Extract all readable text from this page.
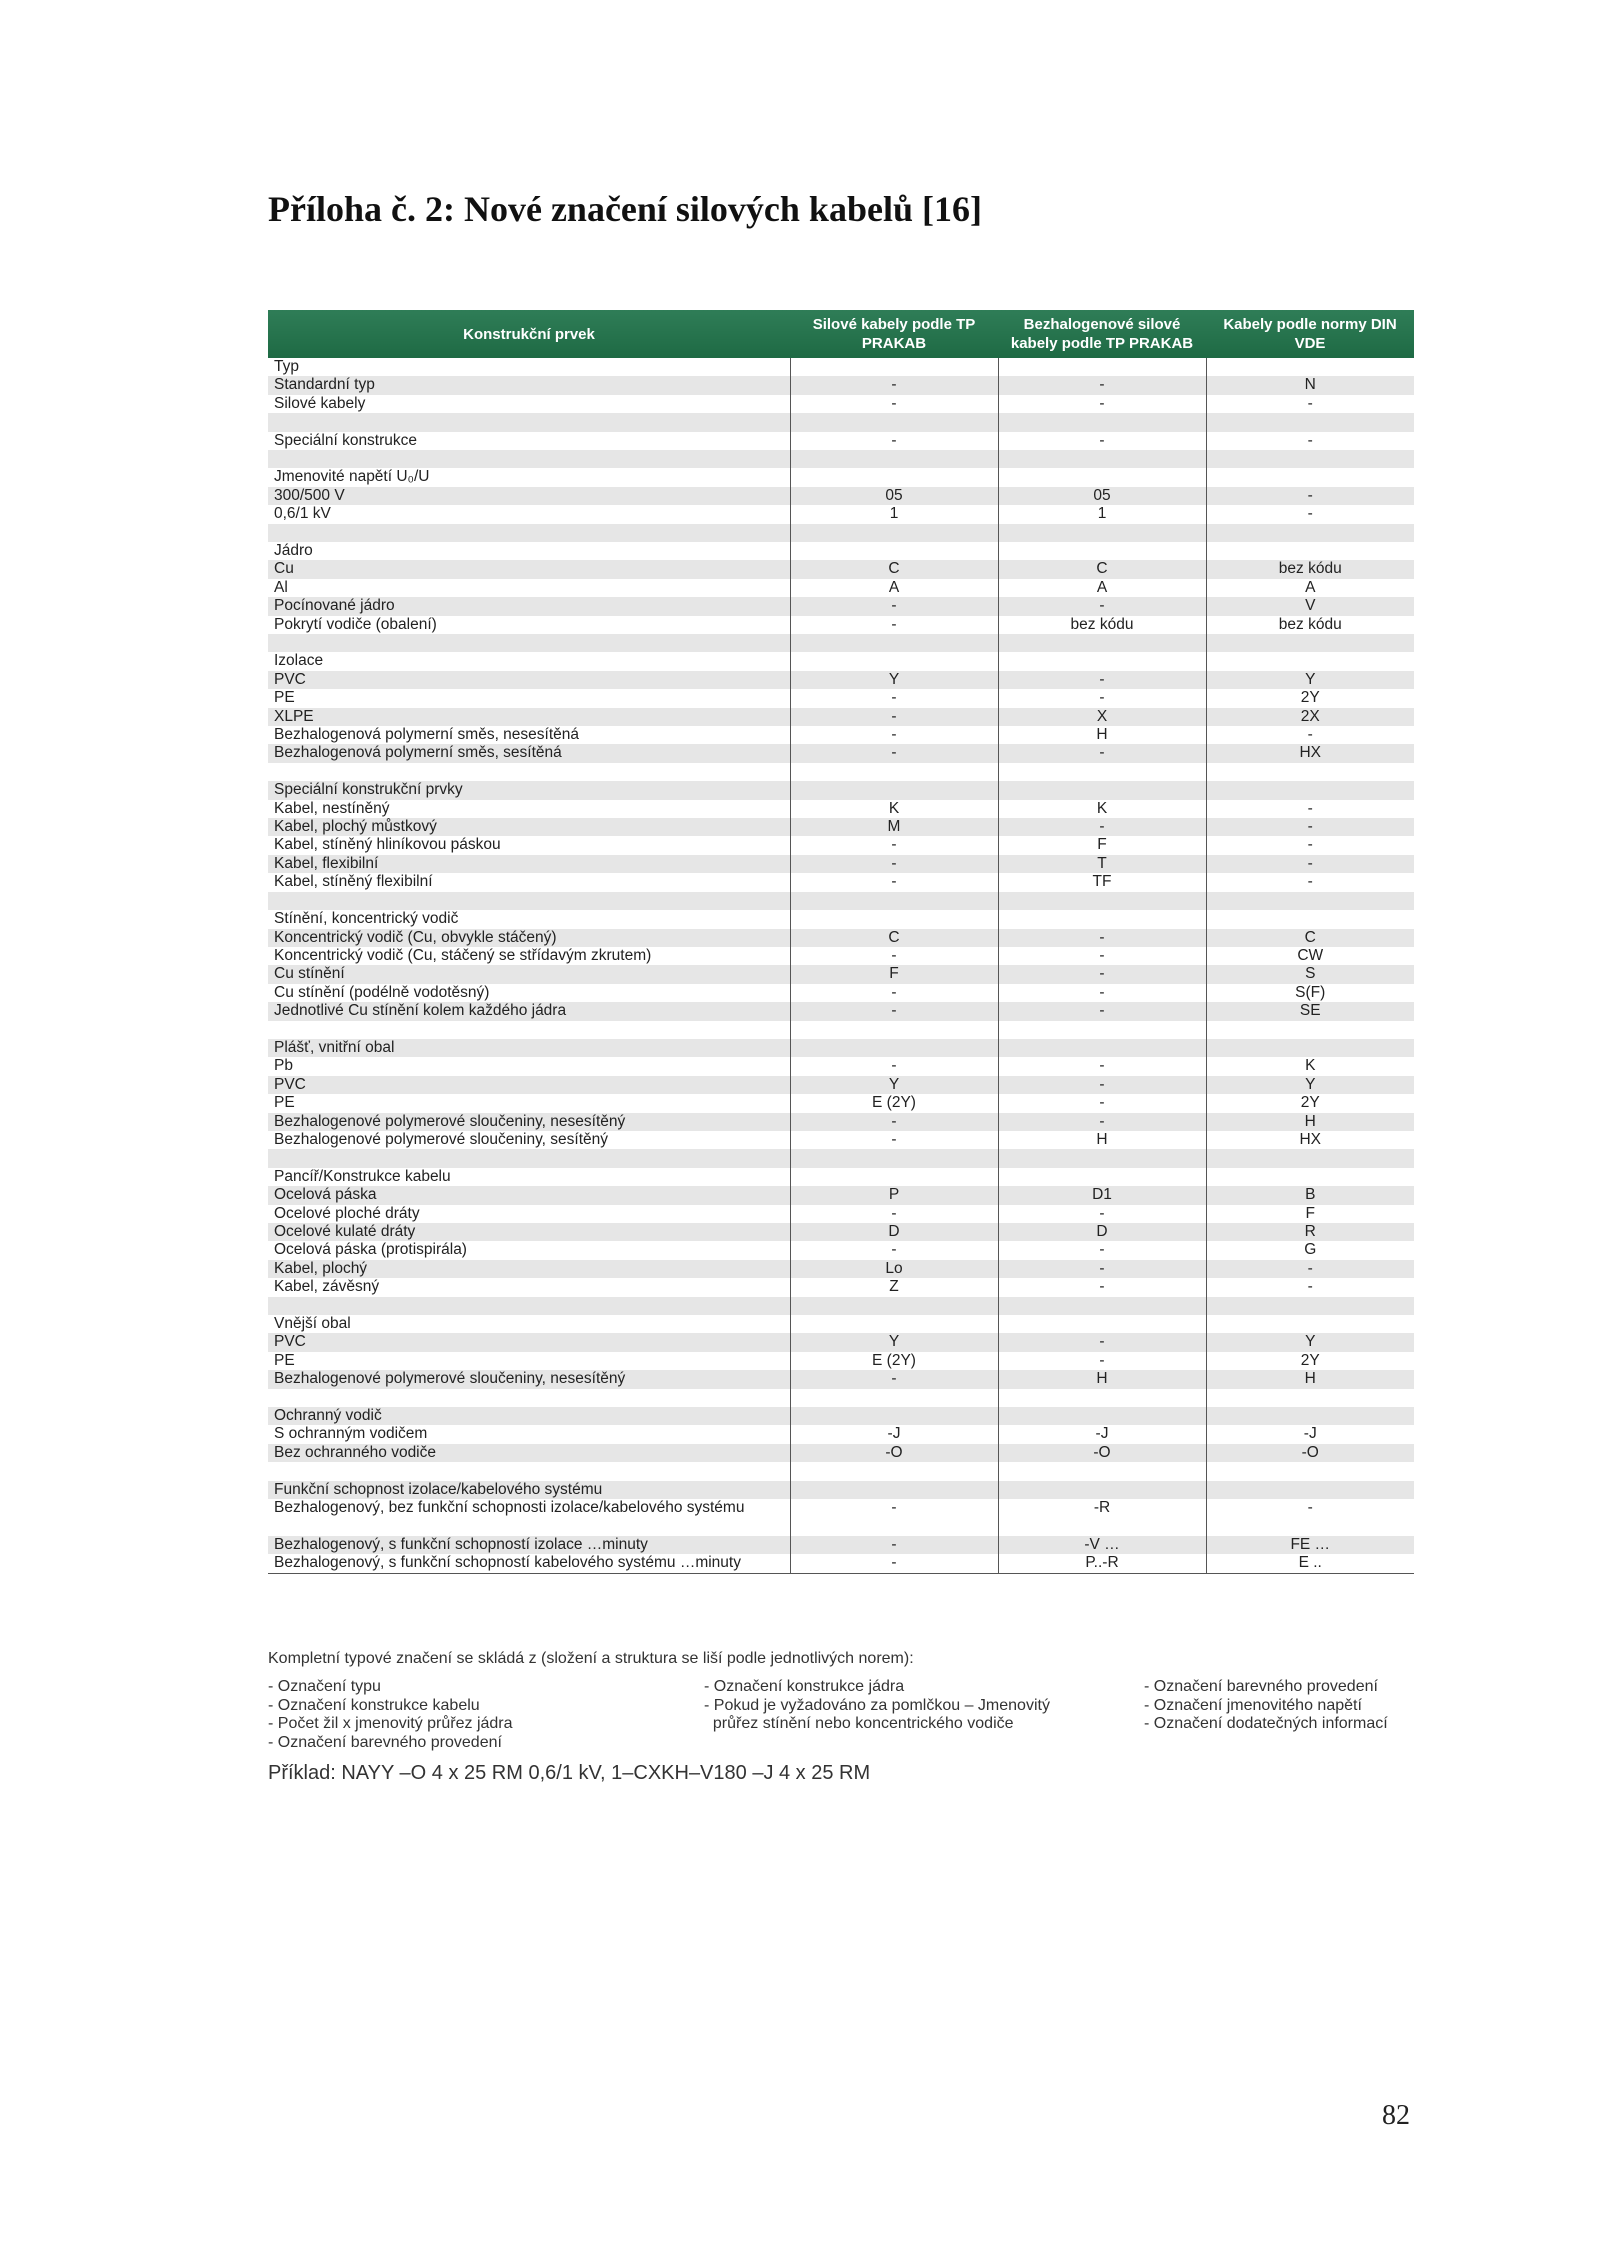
Příloha č. 2: Nové značení silových kabelů [16]
Konstrukční prvek	Silové kabely podle TP PRAKAB	Bezhalogenové silové kabely podle TP PRAKAB	Kabely podle normy DIN VDE
Typ			
Standardní typ	-	-	N
Silové kabely	-	-	-

Speciální konstrukce	-	-	-

Jmenovité napětí U₀/U			
300/500 V	05	05	-
0,6/1 kV	1	1	-

Jádro			
Cu	C	C	bez kódu
Al	A	A	A
Pocínované jádro	-	-	V
Pokrytí vodiče (obalení)	-	bez kódu	bez kódu

Izolace			
PVC	Y	-	Y
PE	-	-	2Y
XLPE	-	X	2X
Bezhalogenová polymerní směs, nesesítěná	-	H	-
Bezhalogenová polymerní směs, sesítěná	-	-	HX

Speciální konstrukční prvky			
Kabel, nestíněný	K	K	-
Kabel, plochý můstkový	M	-	-
Kabel, stíněný hliníkovou páskou	-	F	-
Kabel, flexibilní	-	T	-
Kabel, stíněný flexibilní	-	TF	-

Stínění, koncentrický vodič			
Koncentrický vodič (Cu, obvykle stáčený)	C	-	C
Koncentrický vodič (Cu, stáčený se střídavým zkrutem)	-	-	CW
Cu stínění	F	-	S
Cu stínění (podélně vodotěsný)	-	-	S(F)
Jednotlivé Cu stínění kolem každého jádra	-	-	SE

Plášť, vnitřní obal			
Pb	-	-	K
PVC	Y	-	Y
PE	E (2Y)	-	2Y
Bezhalogenové polymerové sloučeniny, nesesítěný	-	-	H
Bezhalogenové polymerové sloučeniny, sesítěný	-	H	HX

Pancíř/Konstrukce kabelu			
Ocelová páska	P	D1	B
Ocelové ploché dráty	-	-	F
Ocelové kulaté dráty	D	D	R
Ocelová páska (protispirála)	-	-	G
Kabel, plochý	Lo	-	-
Kabel, závěsný	Z	-	-

Vnější obal			
PVC	Y	-	Y
PE	E (2Y)	-	2Y
Bezhalogenové polymerové sloučeniny, nesesítěný	-	H	H

Ochranný vodič			
S ochranným vodičem	-J	-J	-J
Bez ochranného vodiče	-O	-O	-O

Funkční schopnost izolace/kabelového systému			
Bezhalogenový, bez funkční schopnosti izolace/kabelového systému	-	-R	-
Bezhalogenový, s funkční schopností izolace …minuty	-	-V …	FE …
Bezhalogenový, s funkční schopností kabelového systému …minuty	-	P..-R	E ..

Kompletní typové značení se skládá z (složení a struktura se liší podle jednotlivých norem):

- Označení typu
- Označení konstrukce kabelu
- Počet žil x jmenovitý průřez jádra
- Označení barevného provedení
- Označení konstrukce jádra
- Pokud je vyžadováno za pomlčkou – Jmenovitý
průřez stínění nebo koncentrického vodiče
- Označení barevného provedení
- Označení jmenovitého napětí
- Označení dodatečných informací
Příklad: NAYY –O 4 x 25 RM 0,6/1 kV, 1–CXKH–V180 –J 4 x 25 RM
82
